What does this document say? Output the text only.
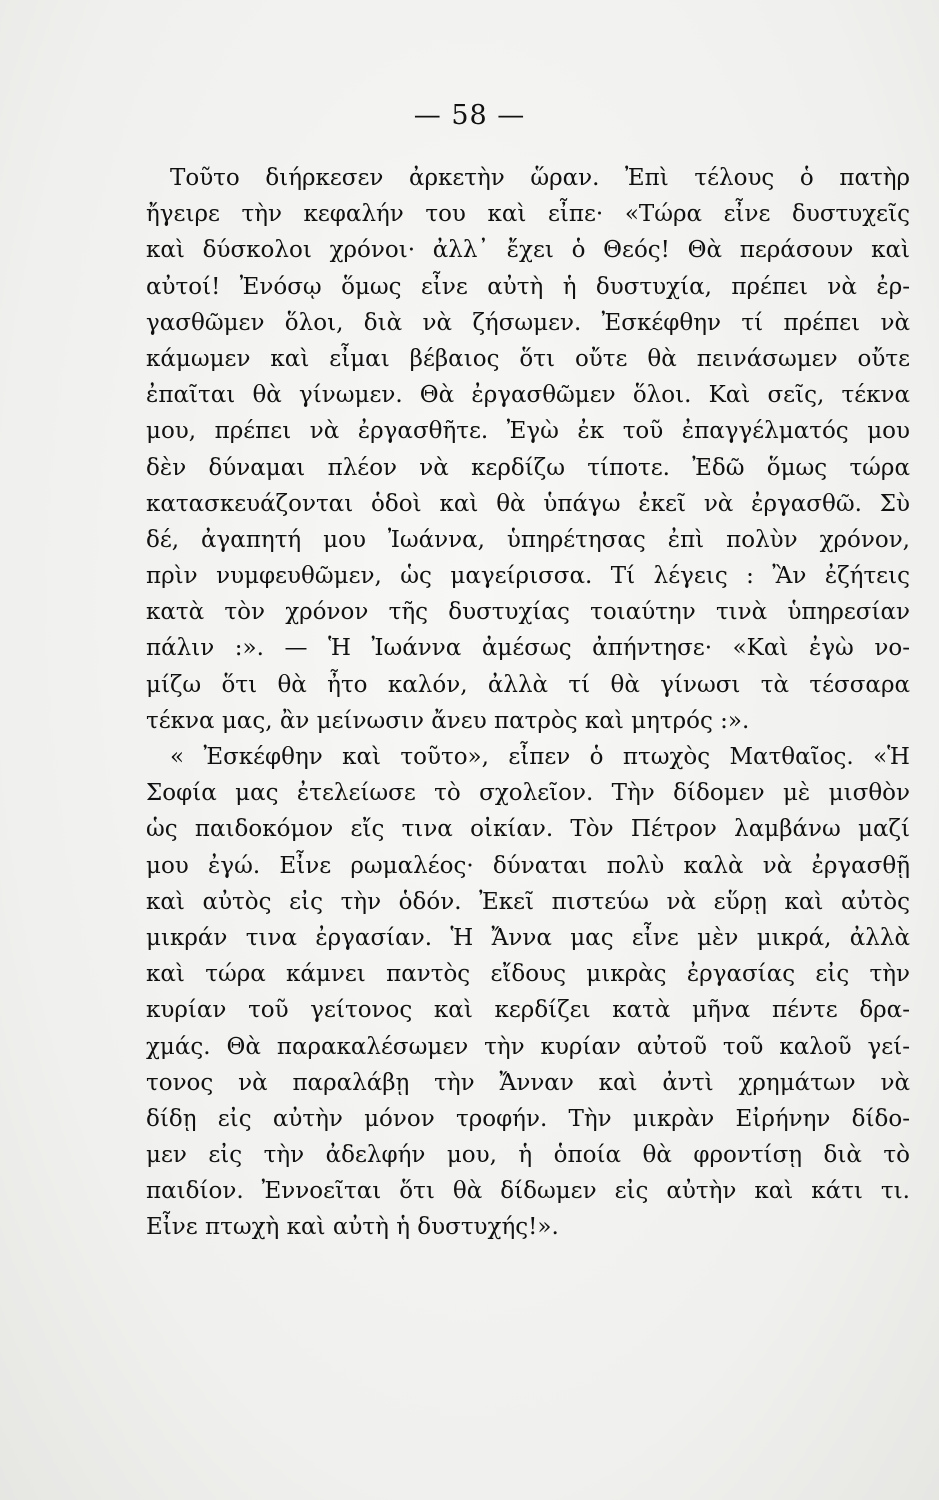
— 58 —
Τοῦτο διήρκεσεν ἀρκετὴν ὥραν. Ἐπὶ τέλους ὁ πατὴρ
ἤγειρε τὴν κεφαλήν του καὶ εἶπε· «Τώρα εἶνε δυστυχεῖς
καὶ δύσκολοι χρόνοι· ἀλλ᾿ ἔχει ὁ Θεός! Θὰ περάσουν καὶ
αὐτοί! Ἐνόσῳ ὅμως εἶνε αὐτὴ ἡ δυστυχία, πρέπει νὰ ἐρ-
γασθῶμεν ὅλοι, διὰ νὰ ζήσωμεν. Ἐσκέφθην τί πρέπει νὰ
κάμωμεν καὶ εἶμαι βέβαιος ὅτι οὔτε θὰ πεινάσωμεν οὔτε
ἐπαῖται θὰ γίνωμεν. Θὰ ἐργασθῶμεν ὅλοι. Καὶ σεῖς, τέκνα
μου, πρέπει νὰ ἐργασθῆτε. Ἐγὼ ἐκ τοῦ ἐπαγγέλματός μου
δὲν δύναμαι πλέον νὰ κερδίζω τίποτε. Ἐδῶ ὅμως τώρα
κατασκευάζονται ὁδοὶ καὶ θὰ ὑπάγω ἐκεῖ νὰ ἐργασθῶ. Σὺ
δέ, ἀγαπητή μου Ἰωάννα, ὑπηρέτησας ἐπὶ πολὺν χρόνον,
πρὶν νυμφευθῶμεν, ὡς μαγείρισσα. Τί λέγεις : Ἂν ἐζήτεις
κατὰ τὸν χρόνον τῆς δυστυχίας τοιαύτην τινὰ ὑπηρεσίαν
πάλιν :». — Ἡ Ἰωάννα ἀμέσως ἀπήντησε· «Καὶ ἐγὼ νο-
μίζω ὅτι θὰ ἦτο καλόν, ἀλλὰ τί θὰ γίνωσι τὰ τέσσαρα
τέκνα μας, ἂν μείνωσιν ἄνευ πατρὸς καὶ μητρός :».
« Ἐσκέφθην καὶ τοῦτο», εἶπεν ὁ πτωχὸς Ματθαῖος. «Ἡ
Σοφία μας ἐτελείωσε τὸ σχολεῖον. Τὴν δίδομεν μὲ μισθὸν
ὡς παιδοκόμον εἴς τινα οἰκίαν. Τὸν Πέτρον λαμβάνω μαζί
μου ἐγώ. Εἶνε ρωμαλέος· δύναται πολὺ καλὰ νὰ ἐργασθῇ
καὶ αὐτὸς εἰς τὴν ὁδόν. Ἐκεῖ πιστεύω νὰ εὕρῃ καὶ αὐτὸς
μικράν τινα ἐργασίαν. Ἡ Ἄννα μας εἶνε μὲν μικρά, ἀλλὰ
καὶ τώρα κάμνει παντὸς εἴδους μικρὰς ἐργασίας εἰς τὴν
κυρίαν τοῦ γείτονος καὶ κερδίζει κατὰ μῆνα πέντε δρα-
χμάς. Θὰ παρακαλέσωμεν τὴν κυρίαν αὐτοῦ τοῦ καλοῦ γεί-
τονος νὰ παραλάβῃ τὴν Ἄνναν καὶ ἀντὶ χρημάτων νὰ
δίδῃ εἰς αὐτὴν μόνον τροφήν. Τὴν μικρὰν Εἰρήνην δίδο-
μεν εἰς τὴν ἀδελφήν μου, ἡ ὁποία θὰ φροντίσῃ διὰ τὸ
παιδίον. Ἐννοεῖται ὅτι θὰ δίδωμεν εἰς αὐτὴν καὶ κάτι τι.
Εἶνε πτωχὴ καὶ αὐτὴ ἡ δυστυχής!».
